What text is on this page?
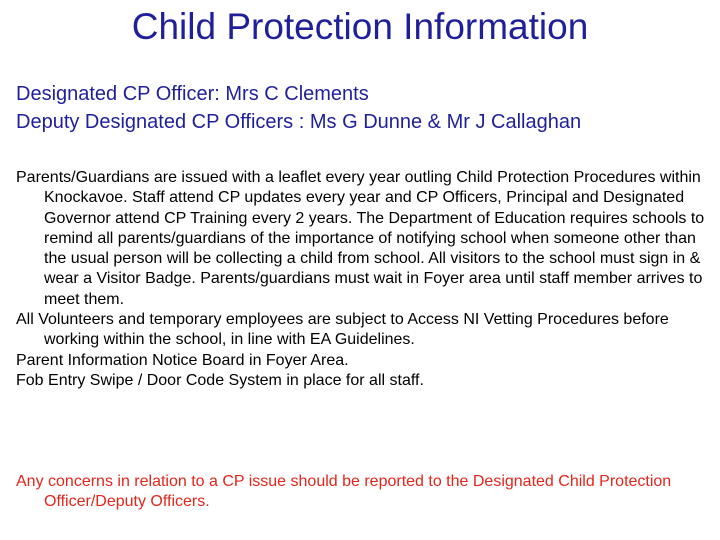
Child Protection Information
Designated CP Officer: Mrs C Clements
Deputy Designated CP Officers : Ms G Dunne & Mr J Callaghan
Parents/Guardians are issued with a leaflet every year outling Child Protection Procedures within Knockavoe. Staff attend CP updates every year and CP Officers, Principal and Designated Governor attend CP Training every 2 years. The Department of Education requires schools to remind all parents/guardians of the importance of notifying school when someone other than the usual person will be collecting a child from school. All visitors to the school must sign in & wear a Visitor Badge. Parents/guardians must wait in Foyer area until staff member arrives to meet them.
All Volunteers and temporary employees are subject to Access NI Vetting Procedures before working within the school, in line with EA Guidelines.
Parent Information Notice Board in Foyer Area.
Fob Entry Swipe / Door Code System in place for all staff.
Any concerns in relation to a CP issue should be reported to the Designated Child Protection Officer/Deputy Officers.
